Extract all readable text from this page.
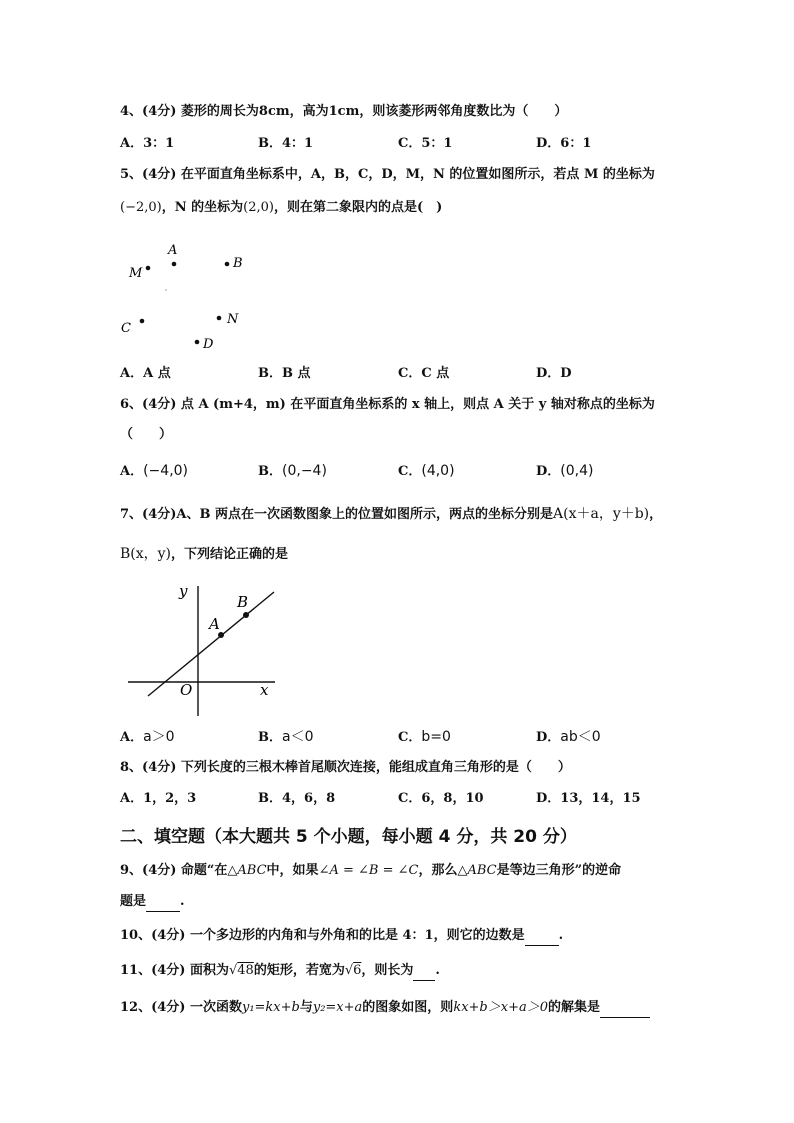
4、(4分) 菱形的周长为8cm，高为1cm，则该菱形两邻角度数比为（　　）
A．3：1	B．4：1	C．5：1	D．6：1
5、(4分) 在平面直角坐标系中，A，B，C，D，M，N 的位置如图所示，若点 M 的坐标为
(−2,0)，N 的坐标为(2,0)，则在第二象限内的点是(　)
A
B
M
C
N
D
A．A 点	B．B 点	C．C 点	D．D
6、(4分) 点 A (m+4，m) 在平面直角坐标系的 x 轴上，则点 A 关于 y 轴对称点的坐标为
（　　）
A．(−4,0)	B．(0,−4)	C．(4,0)	D．(0,4)
7、(4分)A、B 两点在一次函数图象上的位置如图所示，两点的坐标分别是A(x＋a，y＋b)，
B(x，y)，下列结论正确的是
y
x
O
A
B
A．a＞0	B．a＜0	C．b=0	D．ab＜0
8、(4分) 下列长度的三根木棒首尾顺次连接，能组成直角三角形的是（　　）
A．1，2，3	B．4，6，8	C．6，8，10	D．13，14，15
二、填空题（本大题共 5 个小题，每小题 4 分，共 20 分）
9、(4分) 命题“在△ABC中，如果∠A = ∠B = ∠C，那么△ABC是等边三角形”的逆命
题是	.
10、(4分) 一个多边形的内角和与外角和的比是 4：1，则它的边数是	.
11、(4分) 面积为√48的矩形，若宽为√6，则长为 .
12、(4分) 一次函数y₁=kx+b与y₂=x+a的图象如图，则kx+b＞x+a＞0的解集是
